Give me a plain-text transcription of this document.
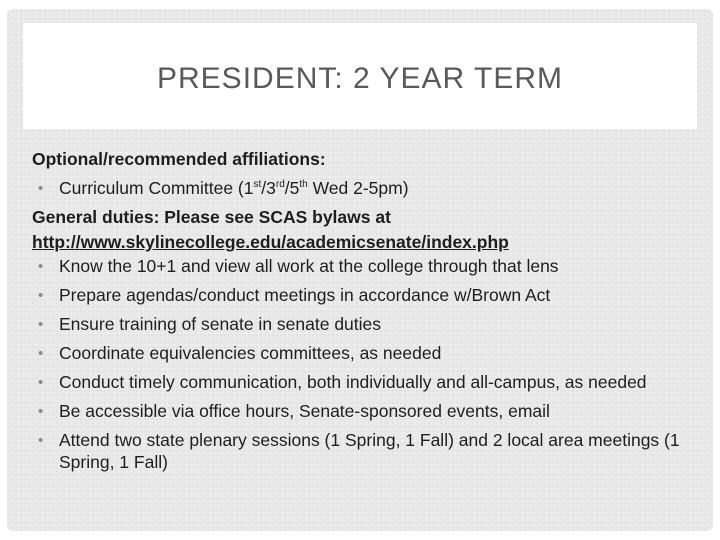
PRESIDENT: 2 YEAR TERM
Optional/recommended affiliations:
• Curriculum Committee (1st/3rd/5th Wed 2-5pm)
General duties: Please see SCAS bylaws at
http://www.skylinecollege.edu/academicsenate/index.php
• Know the 10+1 and view all work at the college through that lens
• Prepare agendas/conduct meetings in accordance w/Brown Act
• Ensure training of senate in senate duties
• Coordinate equivalencies committees, as needed
• Conduct timely communication, both individually and all-campus, as needed
• Be accessible via office hours, Senate-sponsored events, email
• Attend two state plenary sessions (1 Spring, 1 Fall) and 2 local area meetings (1 Spring, 1 Fall)
